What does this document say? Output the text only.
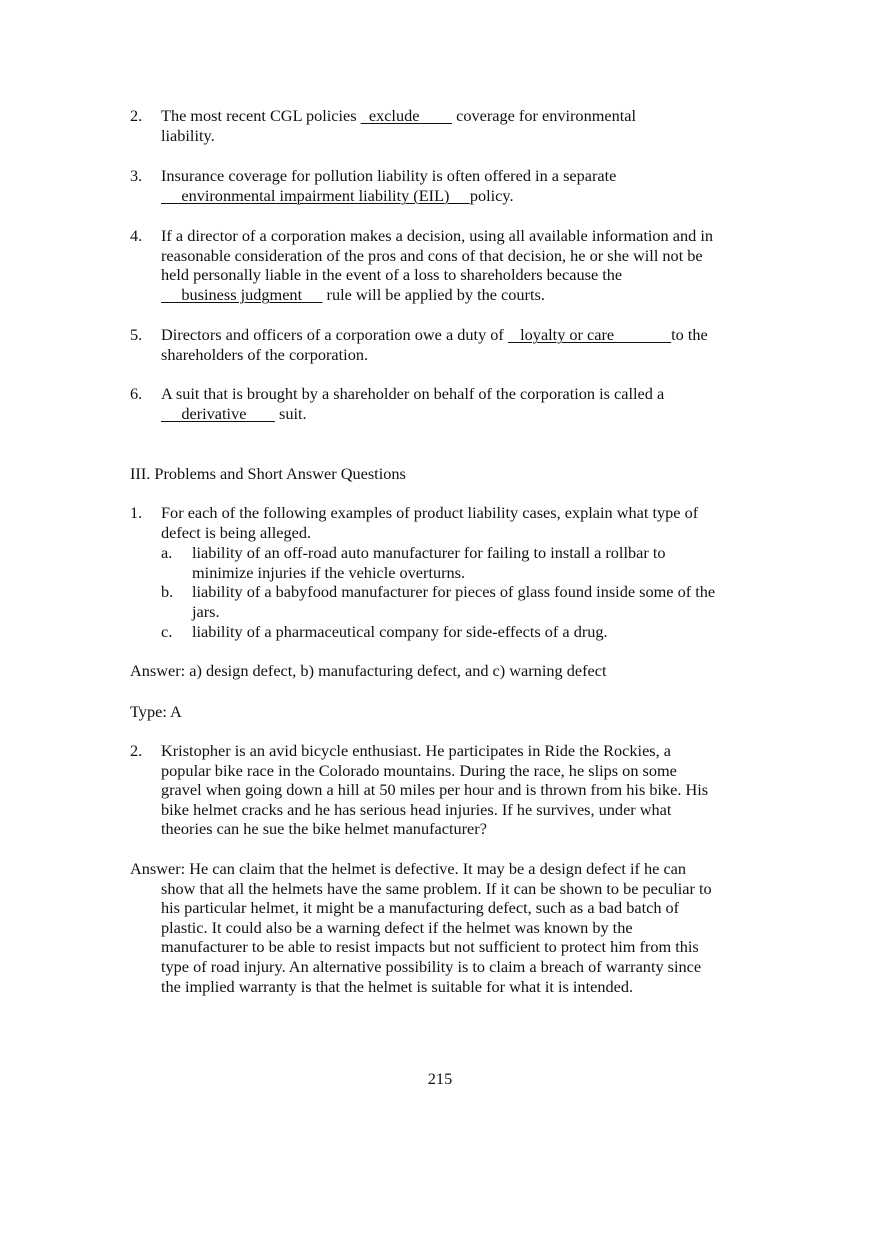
2. The most recent CGL policies   exclude         coverage for environmental
liability.
3. Insurance coverage for pollution liability is often offered in a separate
environmental impairment liability (EIL)     policy.
4. If a director of a corporation makes a decision, using all available information and in
reasonable consideration of the pros and cons of that decision, he or she will not be
held personally liable in the event of a loss to shareholders because the
business judgment      rule will be applied by the courts.
5. Directors and officers of a corporation owe a duty of    loyalty or care              to the
shareholders of the corporation.
6. A suit that is brought by a shareholder on behalf of the corporation is called a
derivative        suit.
III. Problems and Short Answer Questions
1. For each of the following examples of product liability cases, explain what type of
defect is being alleged.
a. liability of an off-road auto manufacturer for failing to install a rollbar to
minimize injuries if the vehicle overturns.
b. liability of a babyfood manufacturer for pieces of glass found inside some of the
jars.
c. liability of a pharmaceutical company for side-effects of a drug.
Answer: a) design defect, b) manufacturing defect, and c) warning defect
Type: A
2. Kristopher is an avid bicycle enthusiast. He participates in Ride the Rockies, a
popular bike race in the Colorado mountains. During the race, he slips on some
gravel when going down a hill at 50 miles per hour and is thrown from his bike. His
bike helmet cracks and he has serious head injuries. If he survives, under what
theories can he sue the bike helmet manufacturer?
Answer: He can claim that the helmet is defective. It may be a design defect if he can
show that all the helmets have the same problem. If it can be shown to be peculiar to
his particular helmet, it might be a manufacturing defect, such as a bad batch of
plastic. It could also be a warning defect if the helmet was known by the
manufacturer to be able to resist impacts but not sufficient to protect him from this
type of road injury. An alternative possibility is to claim a breach of warranty since
the implied warranty is that the helmet is suitable for what it is intended.
215
